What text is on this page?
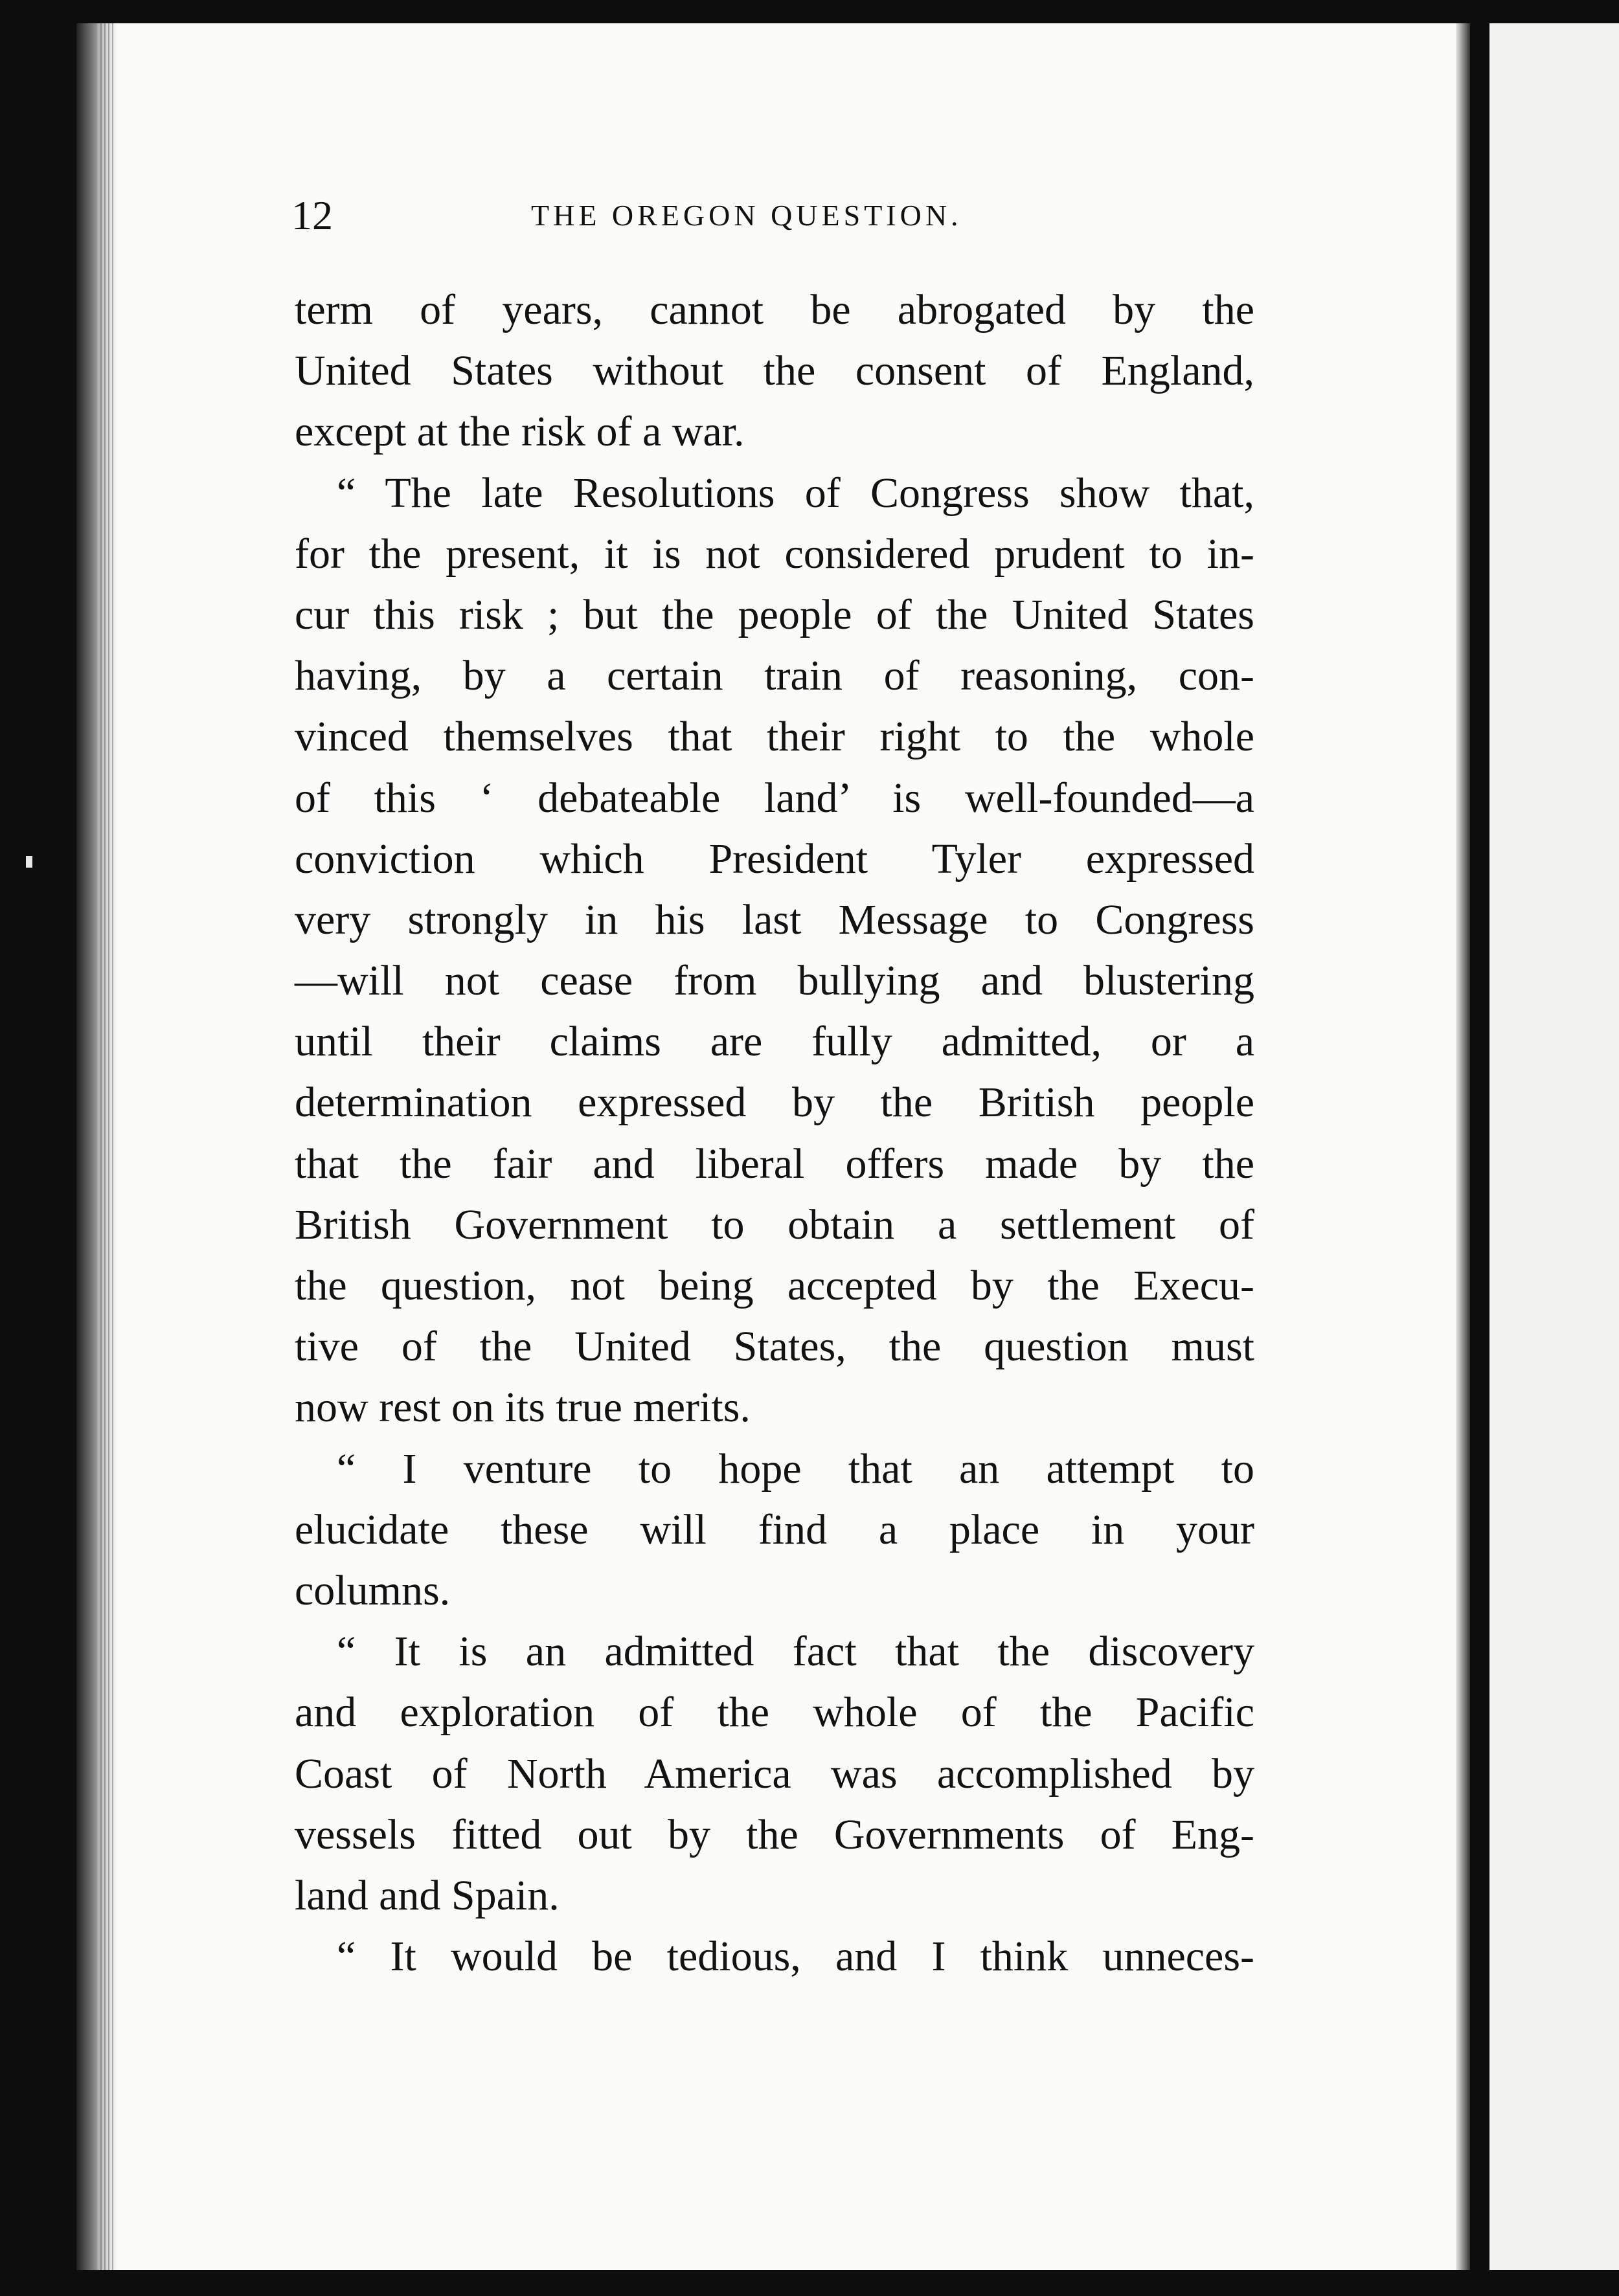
12	THE OREGON QUESTION.
term of years, cannot be abrogated by the
United States without the consent of England,
except at the risk of a war.
“ The late Resolutions of Congress show that,
for the present, it is not considered prudent to in-
cur this risk ; but the people of the United States
having, by a certain train of reasoning, con-
vinced themselves that their right to the whole
of this ‘ debateable land’ is well-founded—a
conviction which President Tyler expressed
very strongly in his last Message to Congress
—will not cease from bullying and blustering
until their claims are fully admitted, or a
determination expressed by the British people
that the fair and liberal offers made by the
British Government to obtain a settlement of
the question, not being accepted by the Execu-
tive of the United States, the question must
now rest on its true merits.
“ I venture to hope that an attempt to
elucidate these will find a place in your
columns.
“ It is an admitted fact that the discovery
and exploration of the whole of the Pacific
Coast of North America was accomplished by
vessels fitted out by the Governments of Eng-
land and Spain.
“ It would be tedious, and I think unneces-
